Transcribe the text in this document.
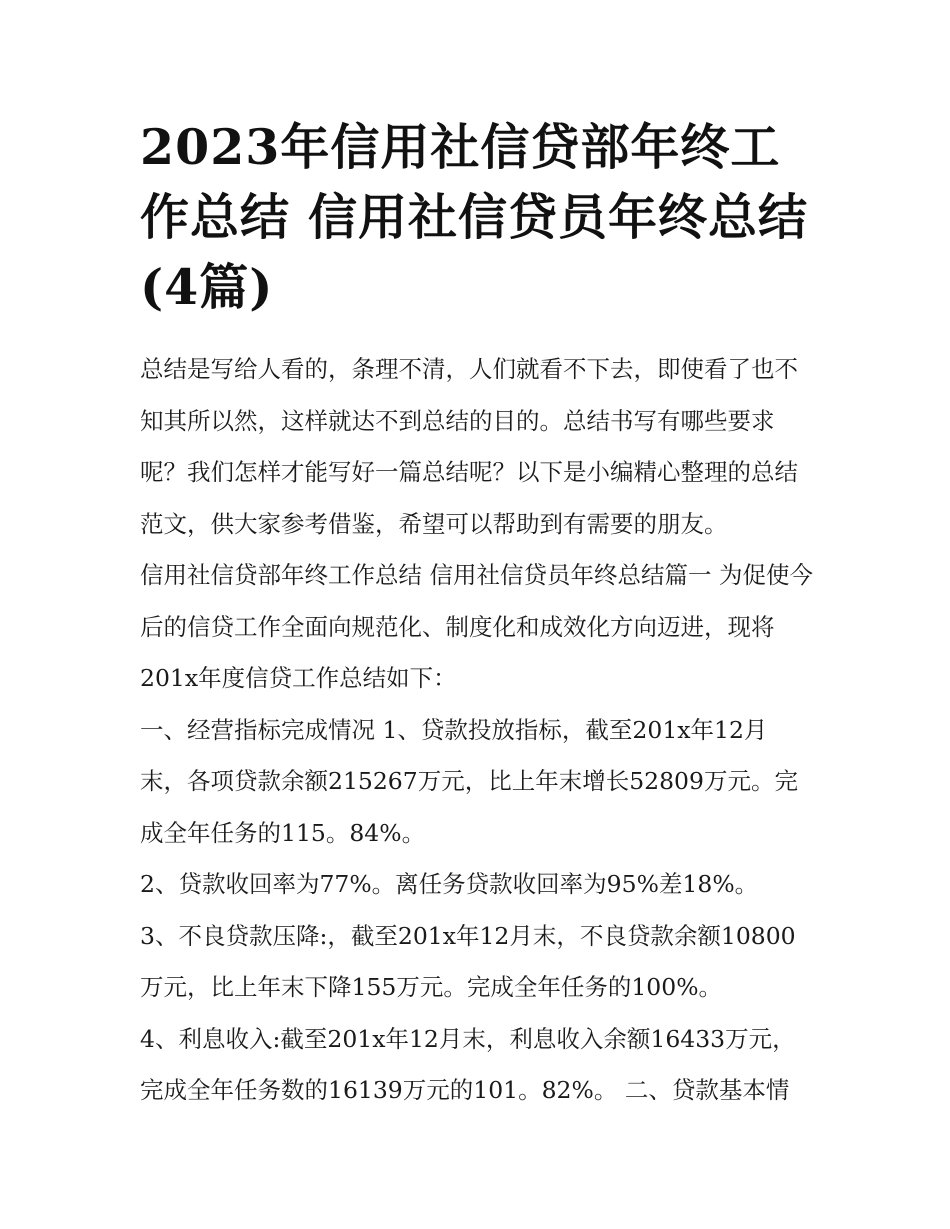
2023年信用社信贷部年终工作总结 信用社信贷员年终总结(4篇)

总结是写给人看的，条理不清，人们就看不下去，即使看了也不知其所以然，这样就达不到总结的目的。总结书写有哪些要求呢？我们怎样才能写好一篇总结呢？以下是小编精心整理的总结范文，供大家参考借鉴，希望可以帮助到有需要的朋友。

信用社信贷部年终工作总结 信用社信贷员年终总结篇一 为促使今后的信贷工作全面向规范化、制度化和成效化方向迈进，现将201x年度信贷工作总结如下：

一、经营指标完成情况 1、贷款投放指标，截至201x年12月末，各项贷款余额215267万元，比上年末增长52809万元。完成全年任务的115。84%。

2、贷款收回率为77%。离任务贷款收回率为95%差18%。

3、不良贷款压降:，截至201x年12月末，不良贷款余额10800万元，比上年末下降155万元。完成全年任务的100%。

4、利息收入:截至201x年12月末，利息收入余额16433万元，完成全年任务数的16139万元的101。82%。 二、贷款基本情
